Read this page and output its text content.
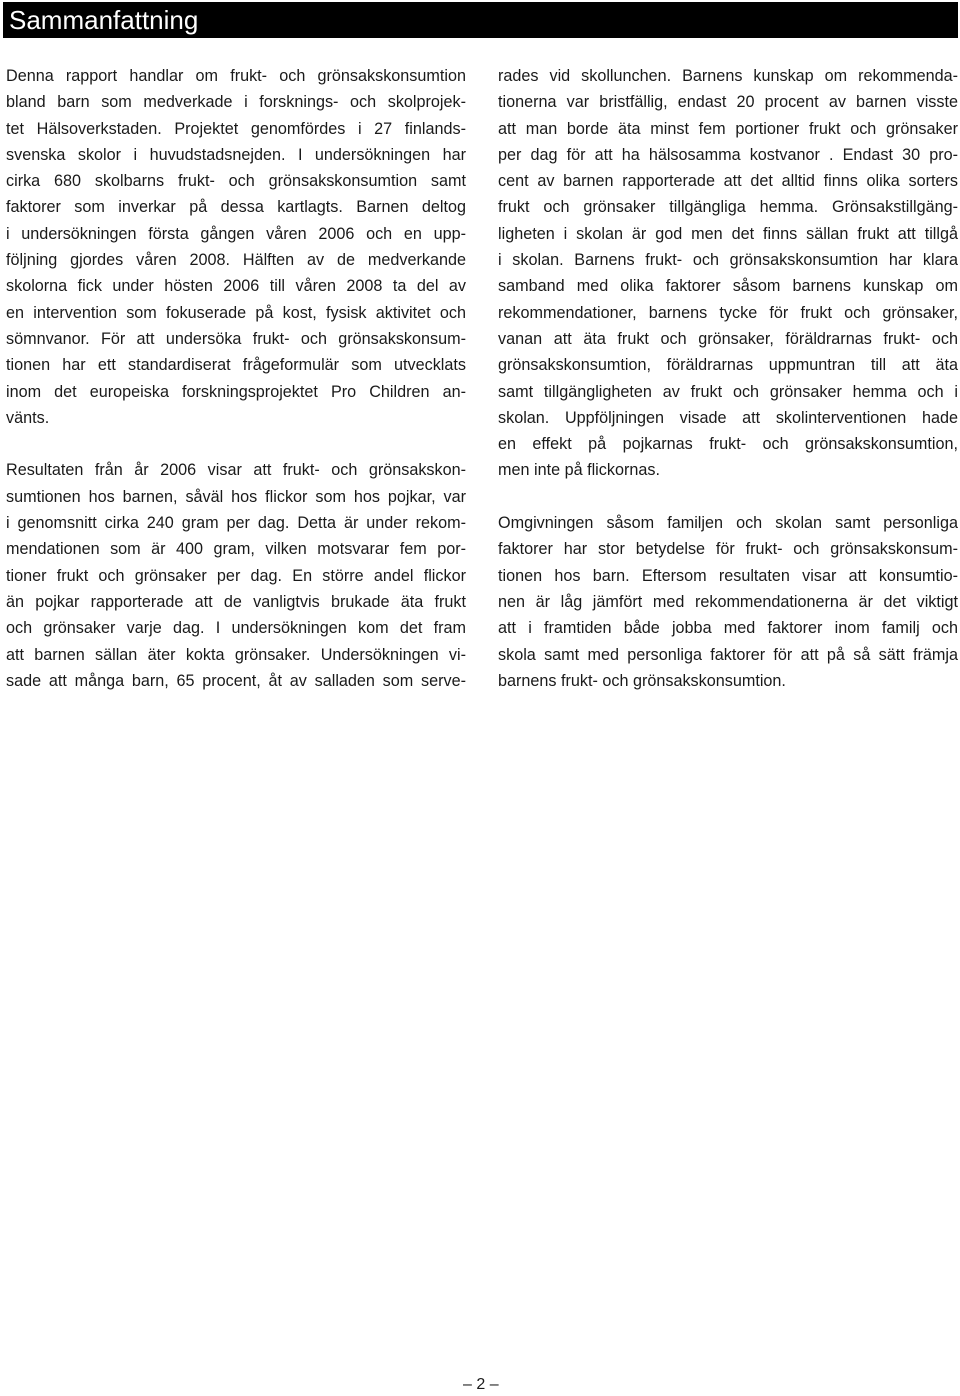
Sammanfattning
Denna rapport handlar om frukt- och grönsakskonsumtion
bland barn som medverkade i forsknings- och skolprojek-
tet Hälsoverkstaden. Projektet genomfördes i 27 finlands-
svenska skolor i huvudstadsnejden. I undersökningen har
cirka 680 skolbarns frukt- och grönsakskonsumtion samt
faktorer som inverkar på dessa kartlagts. Barnen deltog
i undersökningen första gången våren 2006 och en upp-
följning gjordes våren 2008. Hälften av de medverkande
skolorna fick under hösten 2006 till våren 2008 ta del av
en intervention som fokuserade på kost, fysisk aktivitet och
sömnvanor. För att undersöka frukt- och grönsakskonsum-
tionen har ett standardiserat frågeformulär som utvecklats
inom det europeiska forskningsprojektet Pro Children an-
vänts.
Resultaten från år 2006 visar att frukt- och grönsakskon-
sumtionen hos barnen, såväl hos flickor som hos pojkar, var
i genomsnitt cirka 240 gram per dag. Detta är under rekom-
mendationen som är 400 gram, vilken motsvarar fem por-
tioner frukt och grönsaker per dag. En större andel flickor
än pojkar rapporterade att de vanligtvis brukade äta frukt
och grönsaker varje dag. I undersökningen kom det fram
att barnen sällan äter kokta grönsaker. Undersökningen vi-
sade att många barn, 65 procent, åt av salladen som serve-
rades vid skollunchen. Barnens kunskap om rekommenda-
tionerna var bristfällig, endast 20 procent av barnen visste
att man borde äta minst fem portioner frukt och grönsaker
per dag för att ha hälsosamma kostvanor . Endast 30 pro-
cent av barnen rapporterade att det alltid finns olika sorters
frukt och grönsaker tillgängliga hemma. Grönsakstillgäng-
ligheten i skolan är god men det finns sällan frukt att tillgå
i skolan. Barnens frukt- och grönsakskonsumtion har klara
samband med olika faktorer såsom barnens kunskap om
rekommendationer, barnens tycke för frukt och grönsaker,
vanan att äta frukt och grönsaker, föräldrarnas frukt- och
grönsakskonsumtion, föräldrarnas uppmuntran till att äta
samt tillgängligheten av frukt och grönsaker hemma och i
skolan. Uppföljningen visade att skolinterventionen hade
en effekt på pojkarnas frukt- och grönsakskonsumtion,
men inte på flickornas.
Omgivningen såsom familjen och skolan samt personliga
faktorer har stor betydelse för frukt- och grönsakskonsum-
tionen hos barn. Eftersom resultaten visar att konsumtio-
nen är låg jämfört med rekommendationerna är det viktigt
att i framtiden både jobba med faktorer inom familj och
skola samt med personliga faktorer för att på så sätt främja
barnens frukt- och grönsakskonsumtion.
– 2 –
